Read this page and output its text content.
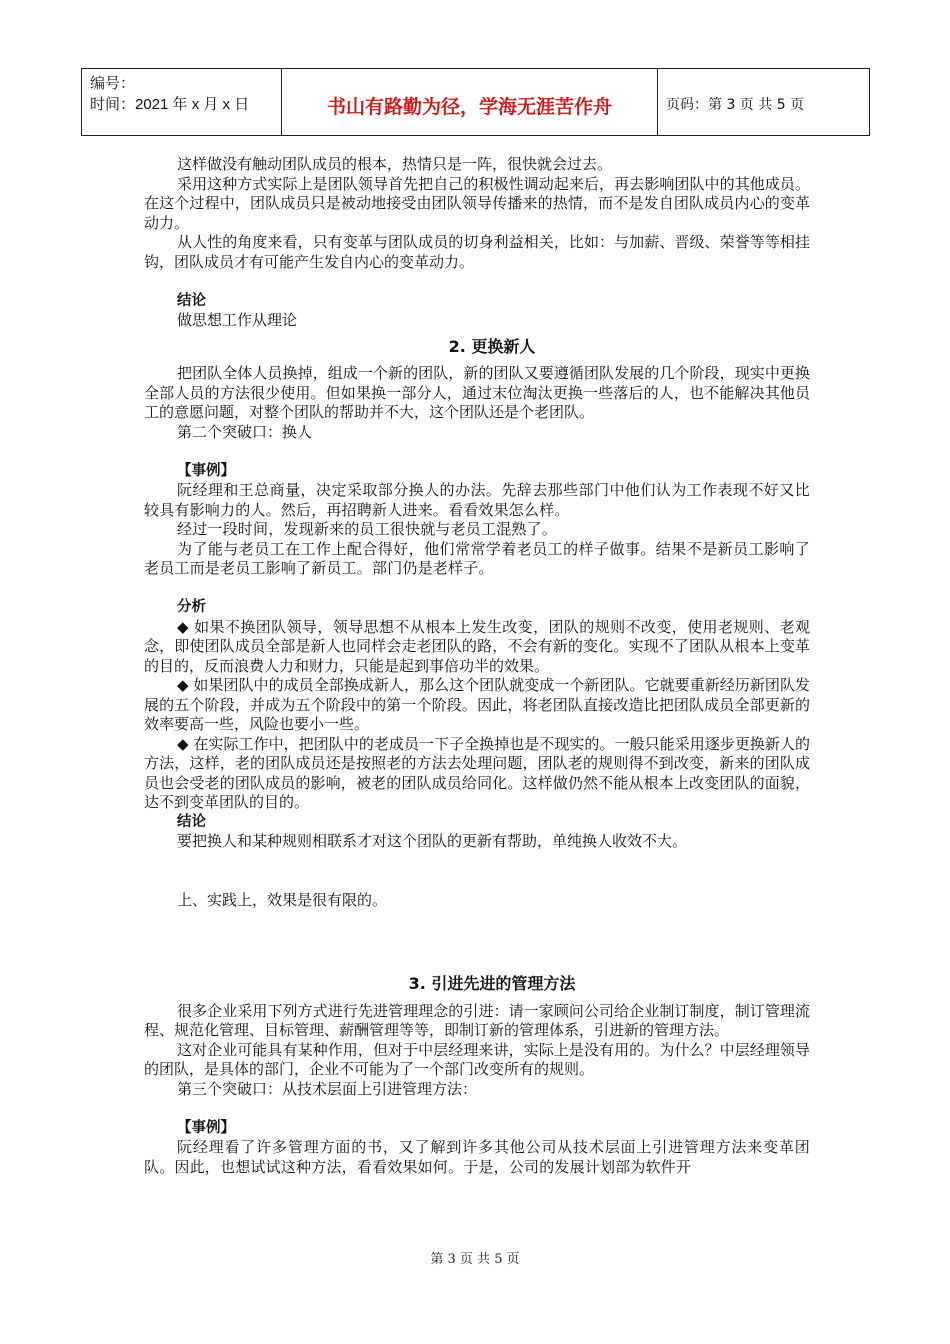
编号：
时间：2021 年 x 月 x 日	书山有路勤为径，学海无涯苦作舟	页码：第 3 页 共 5 页

这样做没有触动团队成员的根本，热情只是一阵，很快就会过去。

采用这种方式实际上是团队领导首先把自己的积极性调动起来后，再去影响团队中的其他成员。在这个过程中，团队成员只是被动地接受由团队领导传播来的热情，而不是发自团队成员内心的变革动力。

从人性的角度来看，只有变革与团队成员的切身利益相关，比如：与加薪、晋级、荣誉等等相挂钩，团队成员才有可能产生发自内心的变革动力。

结论

做思想工作从理论

2. 更换新人

把团队全体人员换掉，组成一个新的团队，新的团队又要遵循团队发展的几个阶段，现实中更换全部人员的方法很少使用。但如果换一部分人，通过末位淘汰更换一些落后的人，也不能解决其他员工的意愿问题，对整个团队的帮助并不大，这个团队还是个老团队。

第二个突破口：换人

【事例】

阮经理和王总商量，决定采取部分换人的办法。先辞去那些部门中他们认为工作表现不好又比较具有影响力的人。然后，再招聘新人进来。看看效果怎么样。

经过一段时间，发现新来的员工很快就与老员工混熟了。

为了能与老员工在工作上配合得好，他们常常学着老员工的样子做事。结果不是新员工影响了老员工而是老员工影响了新员工。部门仍是老样子。

分析

◆ 如果不换团队领导，领导思想不从根本上发生改变，团队的规则不改变，使用老规则、老观念，即使团队成员全部是新人也同样会走老团队的路，不会有新的变化。实现不了团队从根本上变革的目的，反而浪费人力和财力，只能是起到事倍功半的效果。

◆ 如果团队中的成员全部换成新人，那么这个团队就变成一个新团队。它就要重新经历新团队发展的五个阶段，并成为五个阶段中的第一个阶段。因此，将老团队直接改造比把团队成员全部更新的效率要高一些，风险也要小一些。

◆ 在实际工作中，把团队中的老成员一下子全换掉也是不现实的。一般只能采用逐步更换新人的方法，这样，老的团队成员还是按照老的方法去处理问题，团队老的规则得不到改变，新来的团队成员也会受老的团队成员的影响，被老的团队成员给同化。这样做仍然不能从根本上改变团队的面貌，达不到变革团队的目的。

结论

要把换人和某种规则相联系才对这个团队的更新有帮助，单纯换人收效不大。

上、实践上，效果是很有限的。

3. 引进先进的管理方法

很多企业采用下列方式进行先进管理理念的引进：请一家顾问公司给企业制订制度，制订管理流程、规范化管理、目标管理、薪酬管理等等，即制订新的管理体系，引进新的管理方法。

这对企业可能具有某种作用，但对于中层经理来讲，实际上是没有用的。为什么？中层经理领导的团队，是具体的部门，企业不可能为了一个部门改变所有的规则。

第三个突破口：从技术层面上引进管理方法：

【事例】

阮经理看了许多管理方面的书，又了解到许多其他公司从技术层面上引进管理方法来变革团队。因此，也想试试这种方法，看看效果如何。于是，公司的发展计划部为软件开

第 3 页 共 5 页
